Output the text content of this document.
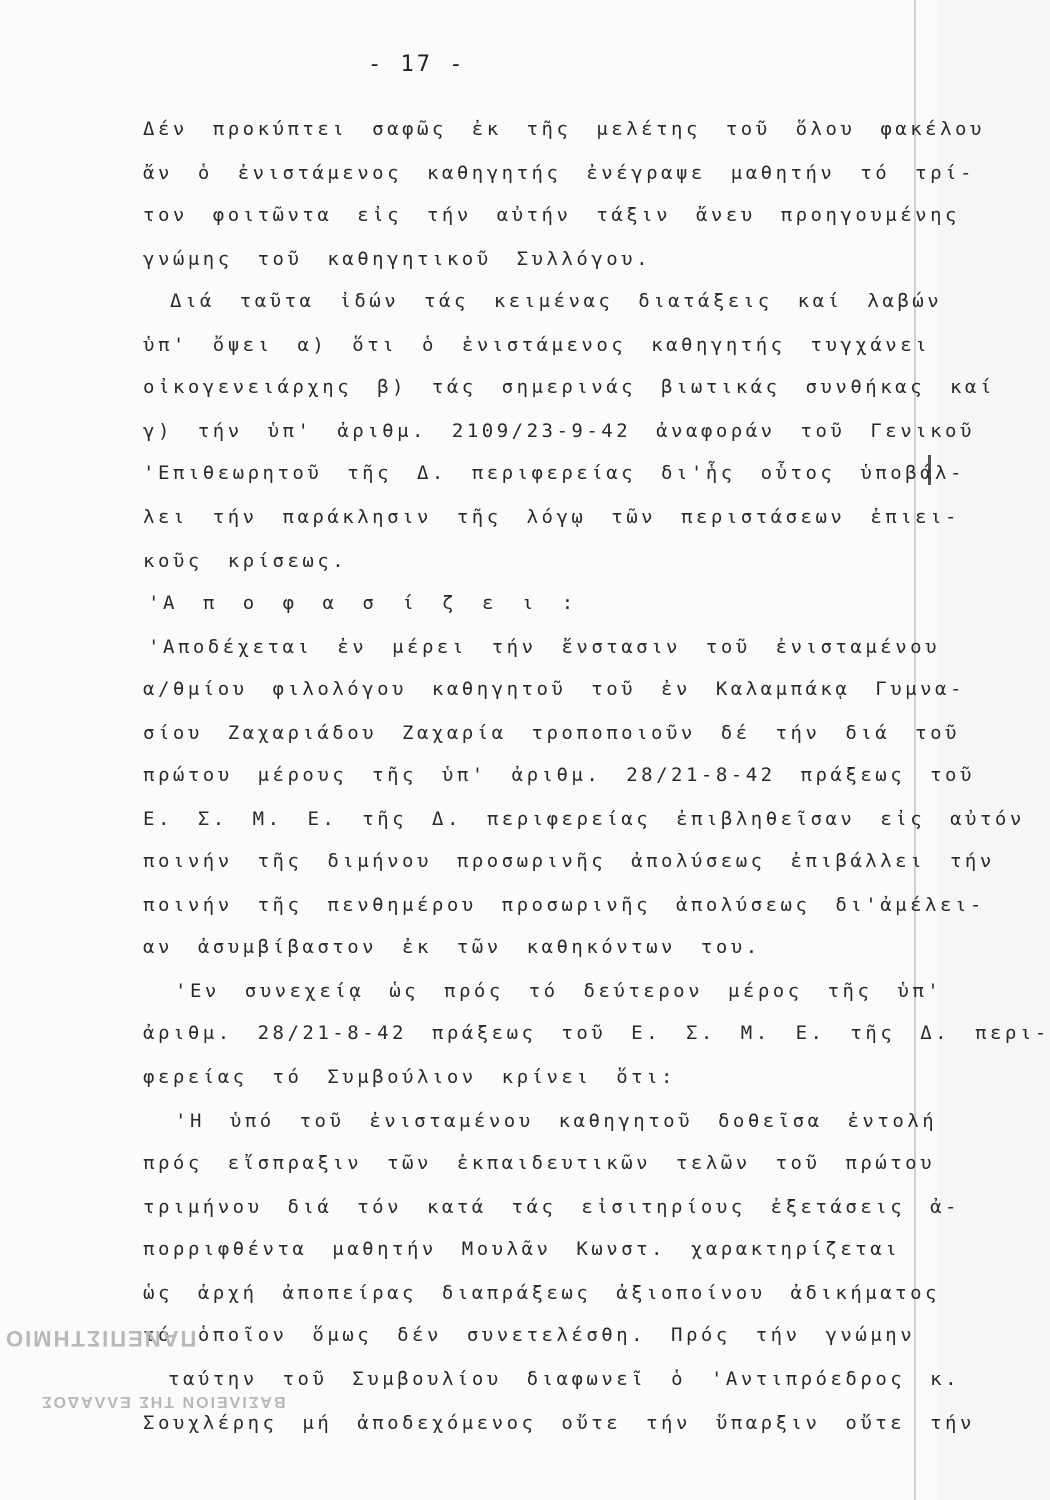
- 17 -
Δέν προκύπτει σαφῶς ἐκ τῆς μελέτης τοῦ ὅλου φακέλου
ἄν ὁ ἐνιστάμενος καθηγητής ἐνέγραψε μαθητήν τό τρί-
τον φοιτῶντα εἰς τήν αὐτήν τάξιν ἄνευ προηγουμένης
γνώμης τοῦ καθηγητικοῦ Συλλόγου.
Διά ταῦτα ἰδών τάς κειμένας διατάξεις καί λαβών
ὑπ' ὄψει α) ὅτι ὁ ἐνιστάμενος καθηγητής τυγχάνει
οἰκογενειάρχης β) τάς σημερινάς βιωτικάς συνθήκας καί
γ) τήν ὑπ' ἀριθμ. 2109/23-9-42 ἀναφοράν τοῦ Γενικοῦ
'Επιθεωρητοῦ τῆς Δ. περιφερείας δι'ἧς οὗτος ὑποβάλ-
λει τήν παράκλησιν τῆς λόγῳ τῶν περιστάσεων ἐπιει-
κοῦς κρίσεως.
'Α π ο φ α σ ί ζ ε ι :
'Αποδέχεται ἐν μέρει τήν ἔνστασιν τοῦ ἐνισταμένου
α/θμίου φιλολόγου καθηγητοῦ τοῦ ἐν Καλαμπάκᾳ Γυμνα-
σίου Ζαχαριάδου Ζαχαρία τροποποιοῦν δέ τήν διά τοῦ
πρώτου μέρους τῆς ὑπ' ἀριθμ. 28/21-8-42 πράξεως τοῦ
Ε. Σ. Μ. Ε. τῆς Δ. περιφερείας ἐπιβληθεῖσαν εἰς αὐτόν
ποινήν τῆς διμήνου προσωρινῆς ἀπολύσεως ἐπιβάλλει τήν
ποινήν τῆς πενθημέρου προσωρινῆς ἀπολύσεως δι'ἀμέλει-
αν ἀσυμβίβαστον ἐκ τῶν καθηκόντων του.
'Εν συνεχείᾳ ὡς πρός τό δεύτερον μέρος τῆς ὑπ'
ἀριθμ. 28/21-8-42 πράξεως τοῦ Ε. Σ. Μ. Ε. τῆς Δ. περι-
φερείας τό Συμβούλιον κρίνει ὅτι:
'Η ὑπό τοῦ ἐνισταμένου καθηγητοῦ δοθεῖσα ἐντολή
πρός εἴσπραξιν τῶν ἐκπαιδευτικῶν τελῶν τοῦ πρώτου
τριμήνου διά τόν κατά τάς εἰσιτηρίους ἐξετάσεις ἀ-
πορριφθέντα μαθητήν Μουλᾶν Κωνστ. χαρακτηρίζεται
ὡς ἀρχή ἀποπείρας διαπράξεως ἀξιοποίνου ἀδικήματος
τό ὁποῖον ὅμως δέν συνετελέσθη. Πρός τήν γνώμην
ταύτην τοῦ Συμβουλίου διαφωνεῖ ὁ 'Αντιπρόεδρος κ.
Σουχλέρης μή ἀποδεχόμενος οὔτε τήν ὕπαρξιν οὔτε τήν
ΠΑΝΕΠΙΣΤΗΜΙΟ
ΒΑΣΙΛΕΙΟΝ ΤΗΣ ΕΛΛΑΔΟΣ
